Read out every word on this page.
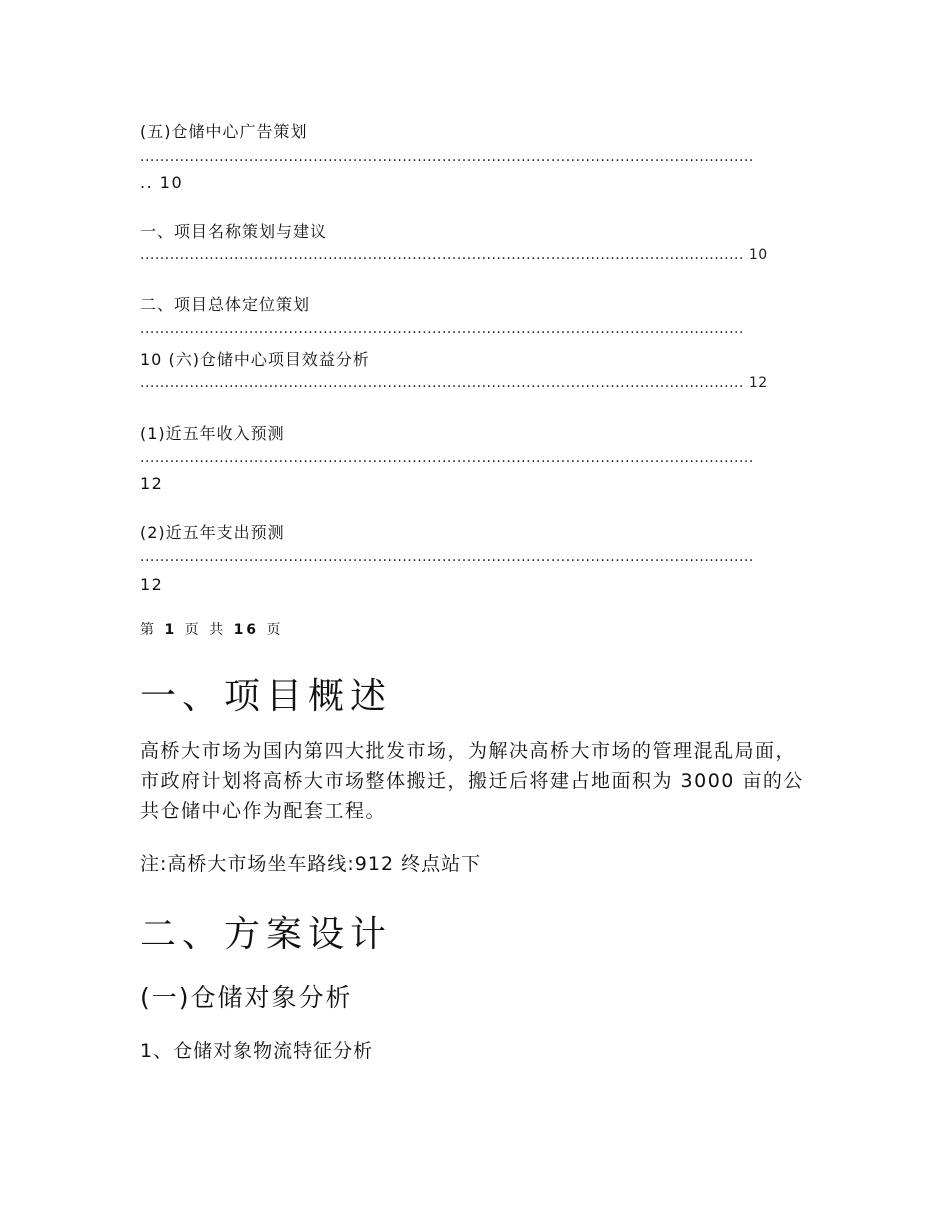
(五)仓储中心广告策划
............................................................................................................................
.. 10
一、项目名称策划与建议
.......................................................................................................................... 10
二、项目总体定位策划
..........................................................................................................................
10 (六)仓储中心项目效益分析
.......................................................................................................................... 12
(1)近五年收入预测
............................................................................................................................
12
(2)近五年支出预测
............................................................................................................................
12
第 1 页 共 16 页
一、项目概述
高桥大市场为国内第四大批发市场，为解决高桥大市场的管理混乱局面，市政府计划将高桥大市场整体搬迁，搬迁后将建占地面积为 3000 亩的公共仓储中心作为配套工程。
注:高桥大市场坐车路线:912 终点站下
二、方案设计
(一)仓储对象分析
1、仓储对象物流特征分析
